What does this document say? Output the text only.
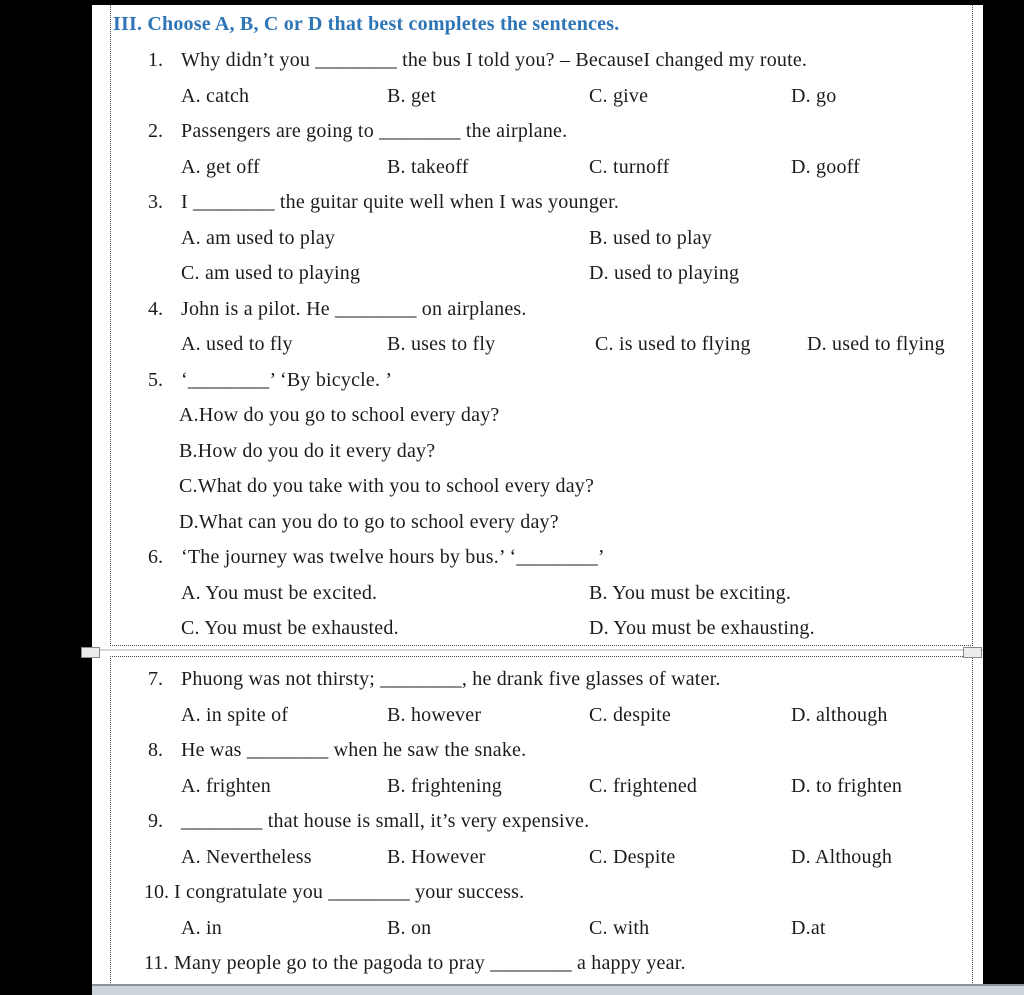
III. Choose A, B, C or D that best completes the sentences.
1. Why didn’t you ________ the bus I told you? – BecauseI changed my route.
A. catch	B. get	C. give	D. go
2. Passengers are going to ________ the airplane.
A. get off	B. takeoff	C. turnoff	D. gooff
3. I ________ the guitar quite well when I was younger.
A. am used to play	B. used to play
C. am used to playing	D. used to playing
4. John is a pilot. He ________ on airplanes.
A. used to fly	B. uses to fly	C. is used to flying	D. used to flying
5. ‘________’ ‘By bicycle. ’
A.How do you go to school every day?
B.How do you do it every day?
C.What do you take with you to school every day?
D.What can you do to go to school every day?
6. ‘The journey was twelve hours by bus.’ ‘________’
A. You must be excited.	B. You must be exciting.
C. You must be exhausted.	D. You must be exhausting.
7. Phuong was not thirsty; ________, he drank five glasses of water.
A. in spite of	B. however	C. despite	D. although
8. He was ________ when he saw the snake.
A. frighten	B. frightening	C. frightened	D. to frighten
9. ________ that house is small, it’s very expensive.
A. Nevertheless	B. However	C. Despite	D. Although
10. I congratulate you ________ your success.
A. in	B. on	C. with	D.at
11. Many people go to the pagoda to pray ________ a happy year.
